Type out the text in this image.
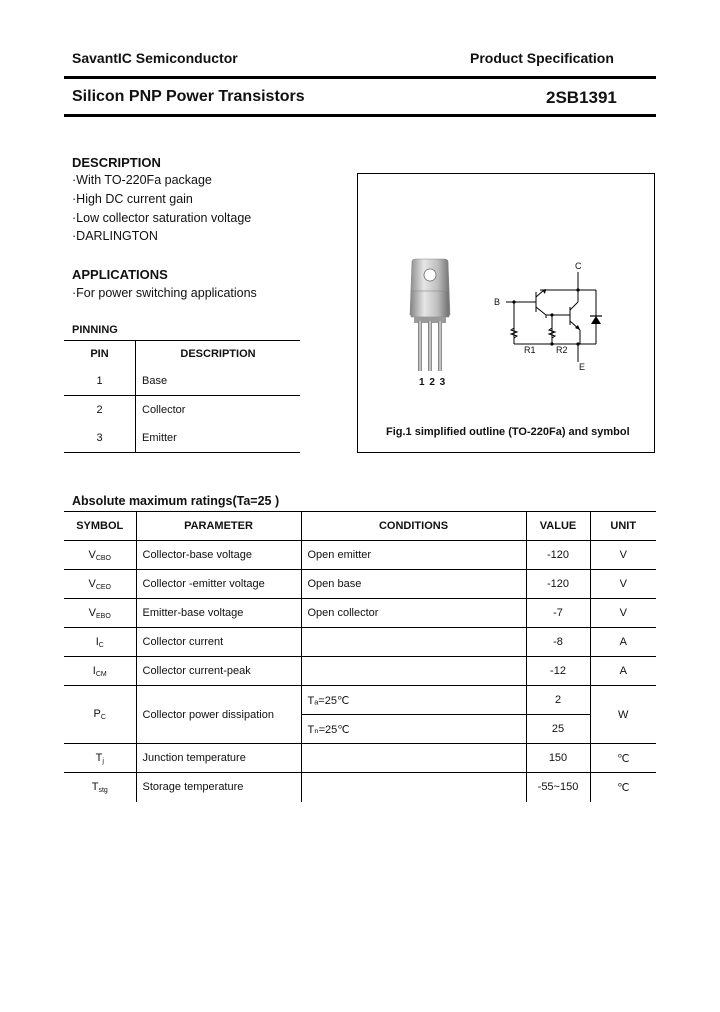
SavantIC Semiconductor	Product Specification
Silicon PNP Power Transistors	2SB1391
DESCRIPTION
·With TO-220Fa package
·High DC current gain
·Low collector saturation voltage
·DARLINGTON
APPLICATIONS
·For power switching applications
PINNING
PIN	DESCRIPTION
1	Base
2	Collector
3	Emitter
1 2 3
C
B
E
R1 R2
Fig.1 simplified outline (TO-220Fa) and symbol
Absolute maximum ratings(Ta=25 )
SYMBOL	PARAMETER	CONDITIONS	VALUE	UNIT
$V_{CBO}$	Collector-base voltage	Open emitter	-120	V
$V_{CEO}$	Collector -emitter voltage	Open base	-120	V
$V_{EBO}$	Emitter-base voltage	Open collector	-7	V
$I_C$	Collector current		-8	A
$I_{CM}$	Collector current-peak		-12	A
$P_C$	Collector power dissipation	Tₐ=25℃	2	W
		Tₙ=25℃	25	
$T_j$	Junction temperature		150	℃
$T_{stg}$	Storage temperature		-55~150	℃
